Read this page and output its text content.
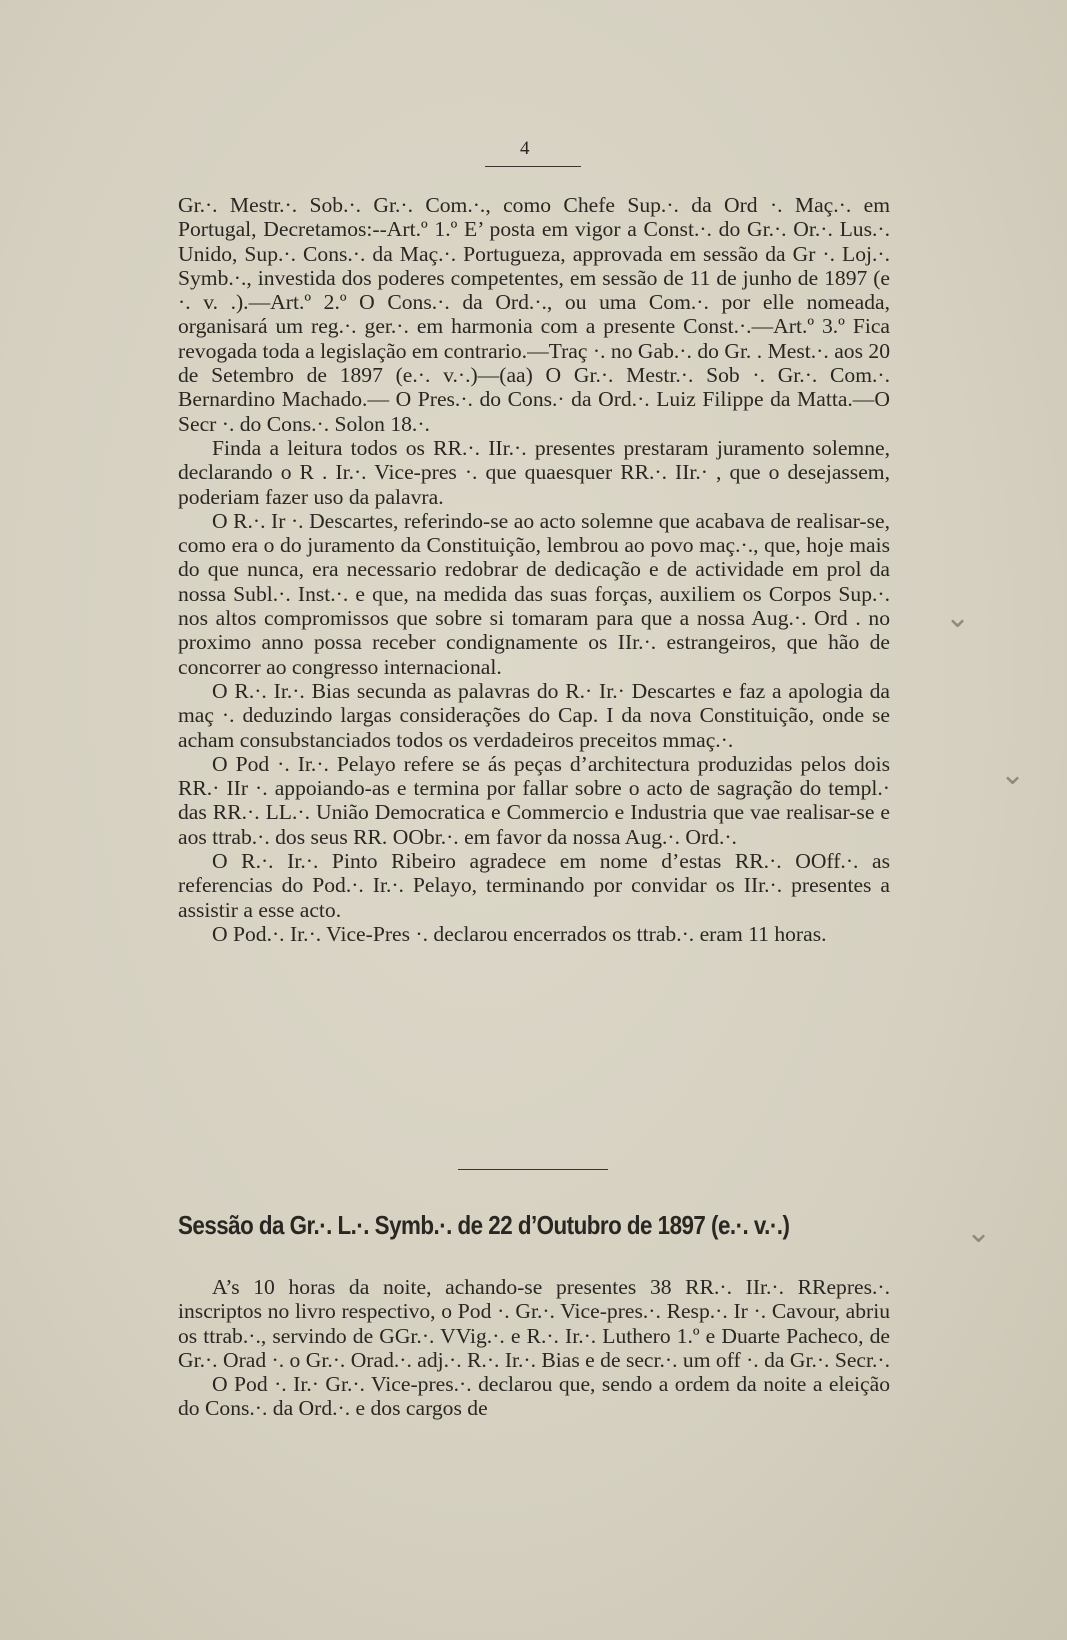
4

Gr.·. Mestr.·. Sob.·. Gr.·. Com.·., como Chefe Sup.·. da Ord ·. Maç.·. em Portugal, Decretamos:--Art.º 1.º E’ posta em vigor a Const.·. do Gr.·. Or.·. Lus.·. Unido, Sup.·. Cons.·. da Maç.·. Portugueza, approvada em sessão da Gr ·. Loj.·. Symb.·., investida dos poderes competentes, em sessão de 11 de junho de 1897 (e ·. v. .).—Art.º 2.º O Cons.·. da Ord.·., ou uma Com.·. por elle nomeada, organisará um reg.·. ger.·. em harmonia com a presente Const.·.—Art.º 3.º Fica revogada toda a legislação em contrario.—Traç ·. no Gab.·. do Gr. . Mest.·. aos 20 de Setembro de 1897 (e.·. v.·.)—(aa) O Gr.·. Mestr.·. Sob ·. Gr.·. Com.·. Bernardino Machado.— O Pres.·. do Cons.· da Ord.·. Luiz Filippe da Matta.—O Secr ·. do Cons.·. Solon 18.·.

Finda a leitura todos os RR.·. IIr.·. presentes prestaram juramento solemne, declarando o R . Ir.·. Vice-pres ·. que quaesquer RR.·. IIr.· , que o desejassem, poderiam fazer uso da palavra.

O R.·. Ir ·. Descartes, referindo-se ao acto solemne que acabava de realisar-se, como era o do juramento da Constituição, lembrou ao povo maç.·., que, hoje mais do que nunca, era necessario redobrar de dedicação e de actividade em prol da nossa Subl.·. Inst.·. e que, na medida das suas forças, auxiliem os Corpos Sup.·. nos altos compromissos que sobre si tomaram para que a nossa Aug.·. Ord . no proximo anno possa receber condignamente os IIr.·. estrangeiros, que hão de concorrer ao congresso internacional.

O R.·. Ir.·. Bias secunda as palavras do R.· Ir.· Descartes e faz a apologia da maç ·. deduzindo largas considerações do Cap. I da nova Constituição, onde se acham consubstanciados todos os verdadeiros preceitos mmaç.·.

O Pod ·. Ir.·. Pelayo refere se ás peças d’architectura produzidas pelos dois RR.· IIr ·. appoiando-as e termina por fallar sobre o acto de sagração do templ.· das RR.·. LL.·. União Democratica e Commercio e Industria que vae realisar-se e aos ttrab.·. dos seus RR. OObr.·. em favor da nossa Aug.·. Ord.·.

O R.·. Ir.·. Pinto Ribeiro agradece em nome d’estas RR.·. OOff.·. as referencias do Pod.·. Ir.·. Pelayo, terminando por convidar os IIr.·. presentes a assistir a esse acto.

O Pod.·. Ir.·. Vice-Pres ·. declarou encerrados os ttrab.·. eram 11 horas.

Sessão da Gr.·. L.·. Symb.·. de 22 d’Outubro de 1897 (e.·. v.·.)

A’s 10 horas da noite, achando-se presentes 38 RR.·. IIr.·. RRepres.·. inscriptos no livro respectivo, o Pod ·. Gr.·. Vice-pres.·. Resp.·. Ir ·. Cavour, abriu os ttrab.·., servindo de GGr.·. VVig.·. e R.·. Ir.·. Luthero 1.º e Duarte Pacheco, de Gr.·. Orad ·. o Gr.·. Orad.·. adj.·. R.·. Ir.·. Bias e de secr.·. um off ·. da Gr.·. Secr.·.

O Pod ·. Ir.· Gr.·. Vice-pres.·. declarou que, sendo a ordem da noite a eleição do Cons.·. da Ord.·. e dos cargos de

⌄
⌄
⌄
